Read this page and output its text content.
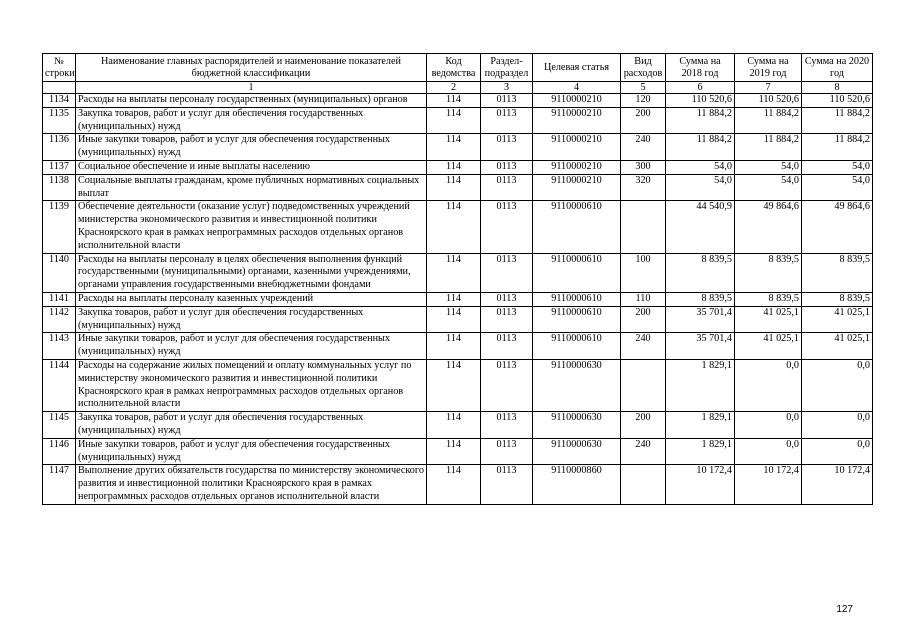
№ строки	Наименование главных распорядителей и наименование показателей бюджетной классификации	Код ведомства	Раздел-подраздел	Целевая статья	Вид расходов	Сумма на 2018 год	Сумма на 2019 год	Сумма на 2020 год
	1	2	3	4	5	6	7	8
1134	Расходы на выплаты персоналу государственных (муниципальных) органов	114	0113	9110000210	120	110 520,6	110 520,6	110 520,6
1135	Закупка товаров, работ и услуг для обеспечения государственных (муниципальных) нужд	114	0113	9110000210	200	11 884,2	11 884,2	11 884,2
1136	Иные закупки товаров, работ и услуг для обеспечения государственных (муниципальных) нужд	114	0113	9110000210	240	11 884,2	11 884,2	11 884,2
1137	Социальное обеспечение и иные выплаты населению	114	0113	9110000210	300	54,0	54,0	54,0
1138	Социальные выплаты гражданам, кроме публичных нормативных социальных выплат	114	0113	9110000210	320	54,0	54,0	54,0
1139	Обеспечение деятельности (оказание услуг) подведомственных учреждений министерства экономического развития и инвестиционной политики Красноярского края в рамках непрограммных расходов отдельных органов исполнительной власти	114	0113	9110000610		44 540,9	49 864,6	49 864,6
1140	Расходы на выплаты персоналу в целях обеспечения выполнения функций государственными (муниципальными) органами, казенными учреждениями, органами управления государственными внебюджетными фондами	114	0113	9110000610	100	8 839,5	8 839,5	8 839,5
1141	Расходы на выплаты персоналу казенных учреждений	114	0113	9110000610	110	8 839,5	8 839,5	8 839,5
1142	Закупка товаров, работ и услуг для обеспечения государственных (муниципальных) нужд	114	0113	9110000610	200	35 701,4	41 025,1	41 025,1
1143	Иные закупки товаров, работ и услуг для обеспечения государственных (муниципальных) нужд	114	0113	9110000610	240	35 701,4	41 025,1	41 025,1
1144	Расходы на содержание жилых помещений и оплату коммунальных услуг по министерству экономического развития и инвестиционной политики Красноярского края в рамках непрограммных расходов отдельных органов исполнительной власти	114	0113	9110000630		1 829,1	0,0	0,0
1145	Закупка товаров, работ и услуг для обеспечения государственных (муниципальных) нужд	114	0113	9110000630	200	1 829,1	0,0	0,0
1146	Иные закупки товаров, работ и услуг для обеспечения государственных (муниципальных) нужд	114	0113	9110000630	240	1 829,1	0,0	0,0
1147	Выполнение других обязательств государства по министерству экономического развития и инвестиционной политики Красноярского края в рамках непрограммных расходов отдельных органов исполнительной власти	114	0113	9110000860		10 172,4	10 172,4	10 172,4
127
